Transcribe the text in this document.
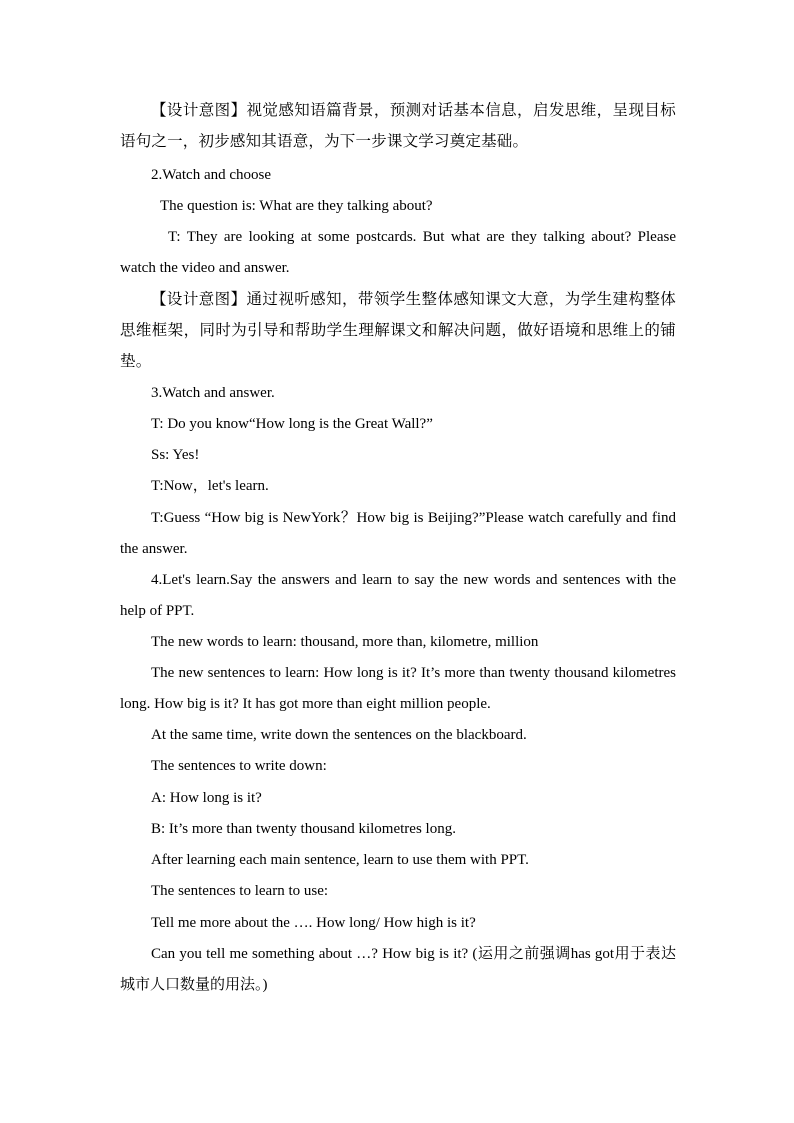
【设计意图】视觉感知语篇背景，预测对话基本信息，启发思维，呈现目标语句之一，初步感知其语意，为下一步课文学习奠定基础。

2.Watch and choose

The question is: What are they talking about?

T: They are looking at some postcards. But what are they talking about? Please watch the video and answer.

【设计意图】通过视听感知，带领学生整体感知课文大意，为学生建构整体思维框架，同时为引导和帮助学生理解课文和解决问题，做好语境和思维上的铺垫。

3.Watch and answer.

T: Do you know“How long is the Great Wall?”

Ss: Yes!

T:Now，let's learn.

T:Guess “How big is NewYork？How big is Beijing?”Please watch carefully and find the answer.

4.Let's learn.Say the answers and learn to say the new words and sentences with the help of PPT.

The new words to learn: thousand, more than, kilometre, million

The new sentences to learn: How long is it? It’s more than twenty thousand kilometres long. How big is it? It has got more than eight million people.

At the same time, write down the sentences on the blackboard.

The sentences to write down:

A: How long is it?

B: It’s more than twenty thousand kilometres long.

After learning each main sentence, learn to use them with PPT.

The sentences to learn to use:

Tell me more about the …. How long/ How high is it?

Can you tell me something about …? How big is it? (运用之前强调has got用于表达城市人口数量的用法。)
